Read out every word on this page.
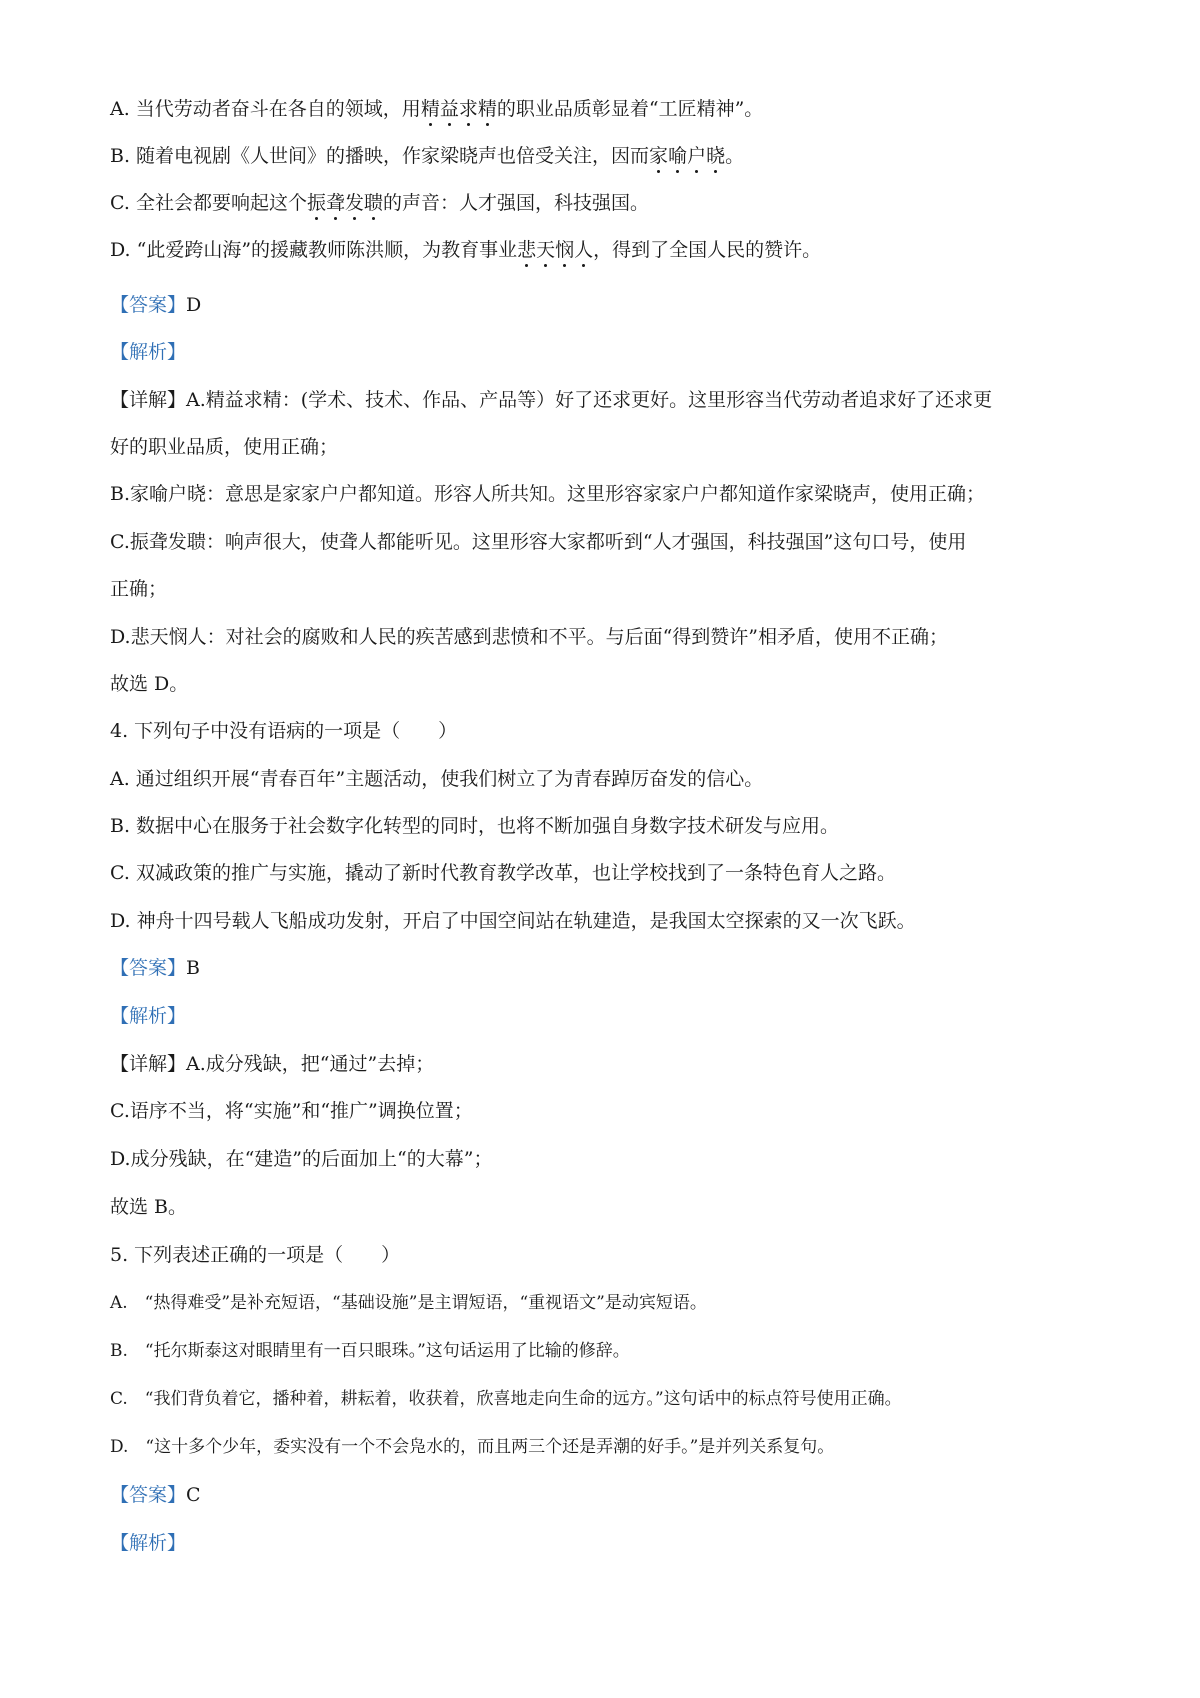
A. 当代劳动者奋斗在各自的领域，用精益求精的职业品质彰显着“工匠精神”。
B. 随着电视剧《人世间》的播映，作家梁晓声也倍受关注，因而家喻户晓。
C. 全社会都要响起这个振聋发聩的声音：人才强国，科技强国。
D. “此爱跨山海”的援藏教师陈洪顺，为教育事业悲天悯人，得到了全国人民的赞许。
【答案】D
【解析】
【详解】A.精益求精：(学术、技术、作品、产品等）好了还求更好。这里形容当代劳动者追求好了还求更
好的职业品质，使用正确；
B.家喻户晓：意思是家家户户都知道。形容人所共知。这里形容家家户户都知道作家梁晓声，使用正确；
C.振聋发聩：响声很大，使聋人都能听见。这里形容大家都听到“人才强国，科技强国”这句口号，使用
正确；
D.悲天悯人：对社会的腐败和人民的疾苦感到悲愤和不平。与后面“得到赞许”相矛盾，使用不正确；
故选 D。
4. 下列句子中没有语病的一项是（　　）
A. 通过组织开展“青春百年”主题活动，使我们树立了为青春踔厉奋发的信心。
B. 数据中心在服务于社会数字化转型的同时，也将不断加强自身数字技术研发与应用。
C. 双减政策的推广与实施，撬动了新时代教育教学改革，也让学校找到了一条特色育人之路。
D. 神舟十四号载人飞船成功发射，开启了中国空间站在轨建造，是我国太空探索的又一次飞跃。
【答案】B
【解析】
【详解】A.成分残缺，把“通过”去掉；
C.语序不当，将“实施”和“推广”调换位置；
D.成分残缺，在“建造”的后面加上“的大幕”；
故选 B。
5. 下列表述正确的一项是（　　）
A.　“热得难受”是补充短语，“基础设施”是主谓短语，“重视语文”是动宾短语。
B.　“托尔斯泰这对眼睛里有一百只眼珠。”这句话运用了比输的修辞。
C.　“我们背负着它，播种着，耕耘着，收获着，欣喜地走向生命的远方。”这句话中的标点符号使用正确。
D.　“这十多个少年，委实没有一个不会凫水的，而且两三个还是弄潮的好手。”是并列关系复句。
【答案】C
【解析】
